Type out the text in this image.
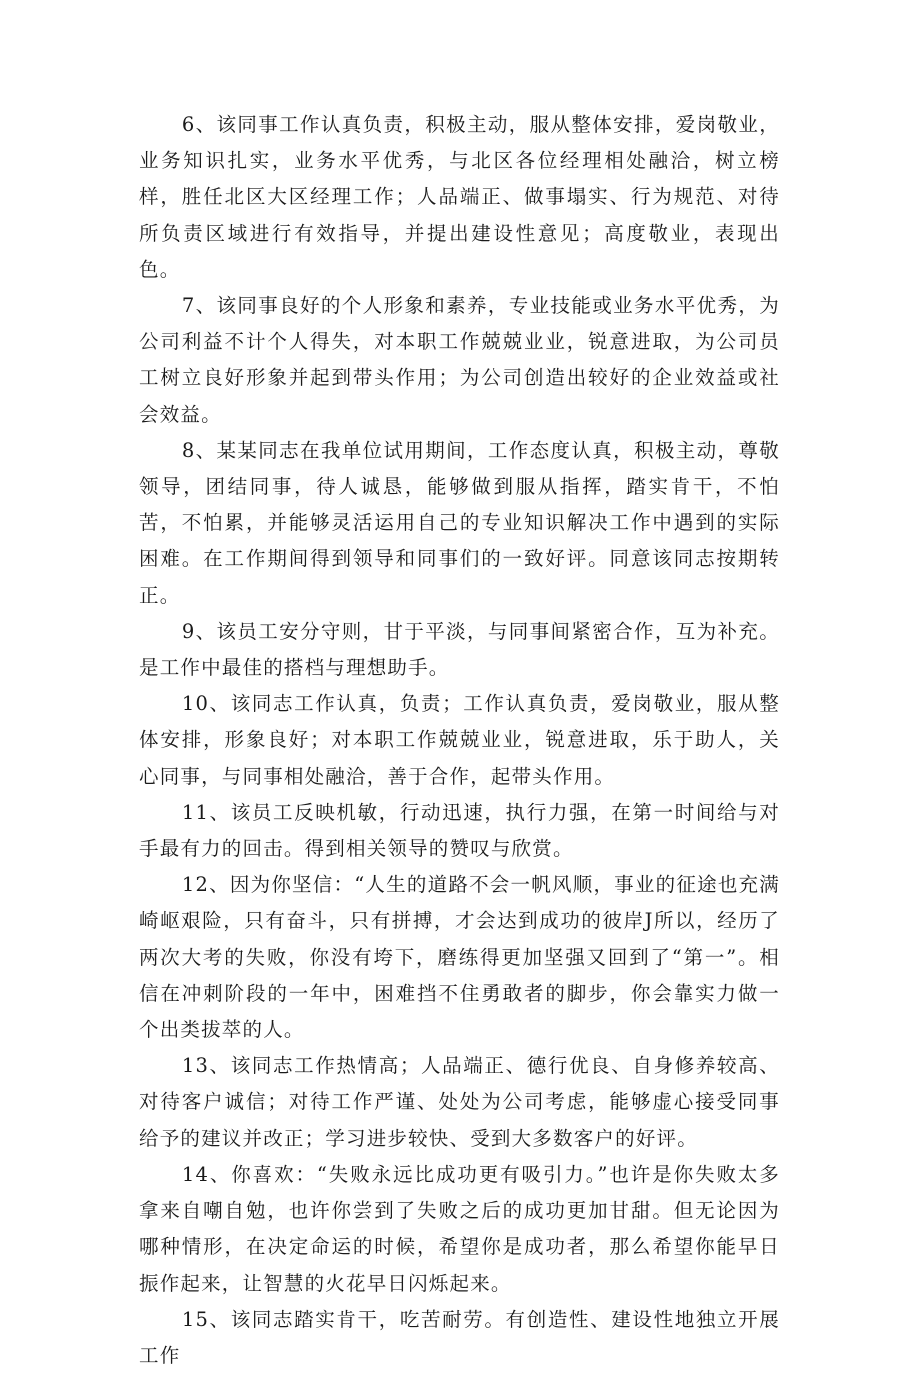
6、该同事工作认真负责，积极主动，服从整体安排，爱岗敬业，业务知识扎实，业务水平优秀，与北区各位经理相处融洽，树立榜样，胜任北区大区经理工作；人品端正、做事塌实、行为规范、对待所负责区域进行有效指导，并提出建设性意见；高度敬业，表现出色。

7、该同事良好的个人形象和素养，专业技能或业务水平优秀，为公司利益不计个人得失，对本职工作兢兢业业，锐意进取，为公司员工树立良好形象并起到带头作用；为公司创造出较好的企业效益或社会效益。

8、某某同志在我单位试用期间，工作态度认真，积极主动，尊敬领导，团结同事，待人诚恳，能够做到服从指挥，踏实肯干，不怕苦，不怕累，并能够灵活运用自己的专业知识解决工作中遇到的实际困难。在工作期间得到领导和同事们的一致好评。同意该同志按期转正。

9、该员工安分守则，甘于平淡，与同事间紧密合作，互为补充。是工作中最佳的搭档与理想助手。

10、该同志工作认真，负责；工作认真负责，爱岗敬业，服从整体安排，形象良好；对本职工作兢兢业业，锐意进取，乐于助人，关心同事，与同事相处融洽，善于合作，起带头作用。

11、该员工反映机敏，行动迅速，执行力强，在第一时间给与对手最有力的回击。得到相关领导的赞叹与欣赏。

12、因为你坚信：“人生的道路不会一帆风顺，事业的征途也充满崎岖艰险，只有奋斗，只有拼搏，才会达到成功的彼岸J所以，经历了两次大考的失败，你没有垮下，磨练得更加坚强又回到了“第一”。相信在冲刺阶段的一年中，困难挡不住勇敢者的脚步，你会靠实力做一个出类拔萃的人。

13、该同志工作热情高；人品端正、德行优良、自身修养较高、对待客户诚信；对待工作严谨、处处为公司考虑，能够虚心接受同事给予的建议并改正；学习进步较快、受到大多数客户的好评。

14、你喜欢：“失败永远比成功更有吸引力。”也许是你失败太多拿来自嘲自勉，也许你尝到了失败之后的成功更加甘甜。但无论因为哪种情形，在决定命运的时候，希望你是成功者，那么希望你能早日振作起来，让智慧的火花早日闪烁起来。

15、该同志踏实肯干，吃苦耐劳。有创造性、建设性地独立开展工作
